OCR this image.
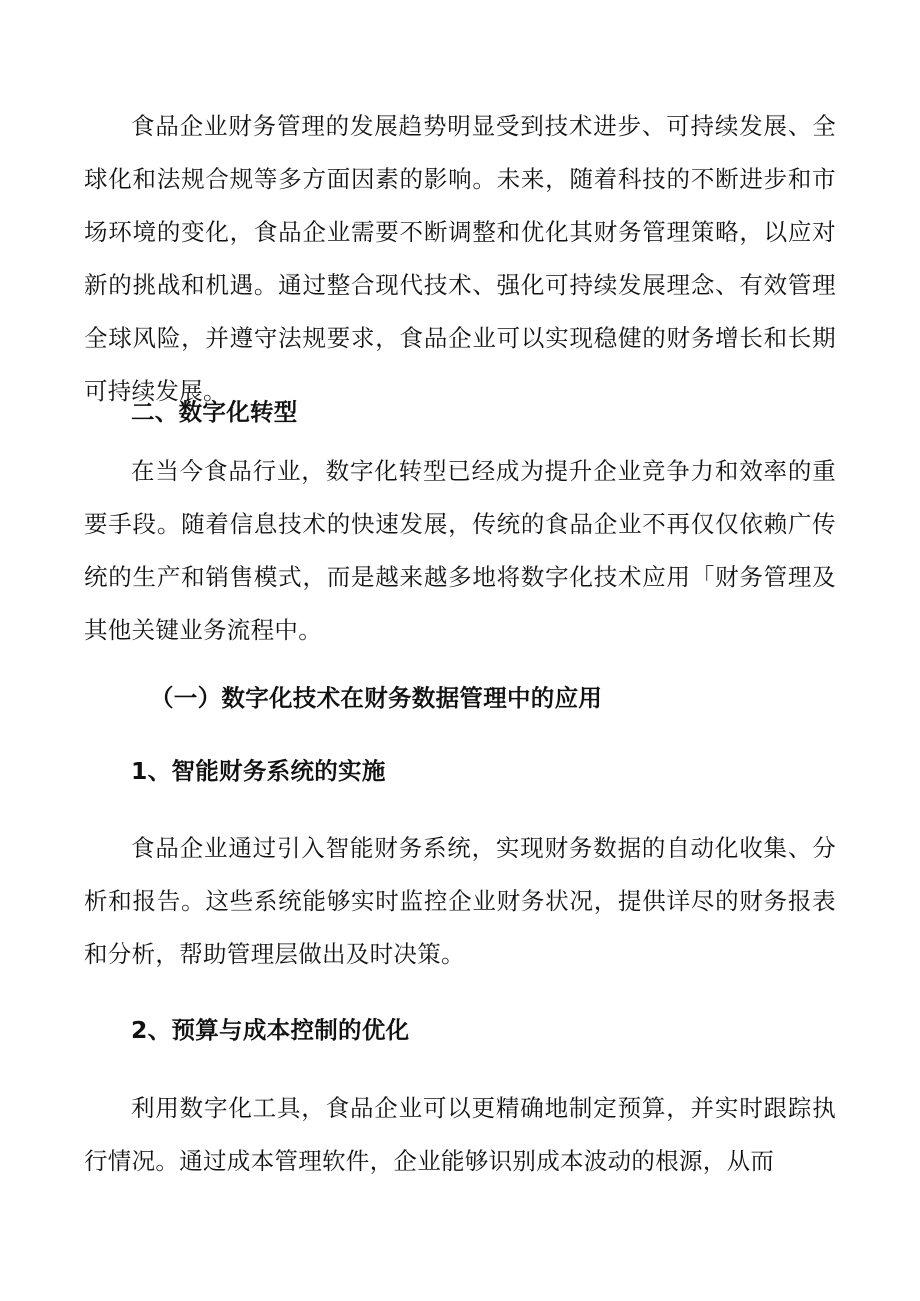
食品企业财务管理的发展趋势明显受到技术进步、可持续发展、全球化和法规合规等多方面因素的影响。未来，随着科技的不断进步和市场环境的变化，食品企业需要不断调整和优化其财务管理策略，以应对新的挑战和机遇。通过整合现代技术、强化可持续发展理念、有效管理全球风险，并遵守法规要求，食品企业可以实现稳健的财务增长和长期可持续发展。

二、数字化转型

在当今食品行业，数字化转型已经成为提升企业竞争力和效率的重要手段。随着信息技术的快速发展，传统的食品企业不再仅仅依赖广传统的生产和销售模式，而是越来越多地将数字化技术应用「财务管理及其他关键业务流程中。

（一）数字化技术在财务数据管理中的应用
1、智能财务系统的实施

食品企业通过引入智能财务系统，实现财务数据的自动化收集、分析和报告。这些系统能够实时监控企业财务状况，提供详尽的财务报表和分析，帮助管理层做出及时决策。

2、预算与成本控制的优化

利用数字化工具，食品企业可以更精确地制定预算，并实时跟踪执行情况。通过成本管理软件，企业能够识别成本波动的根源，从而
